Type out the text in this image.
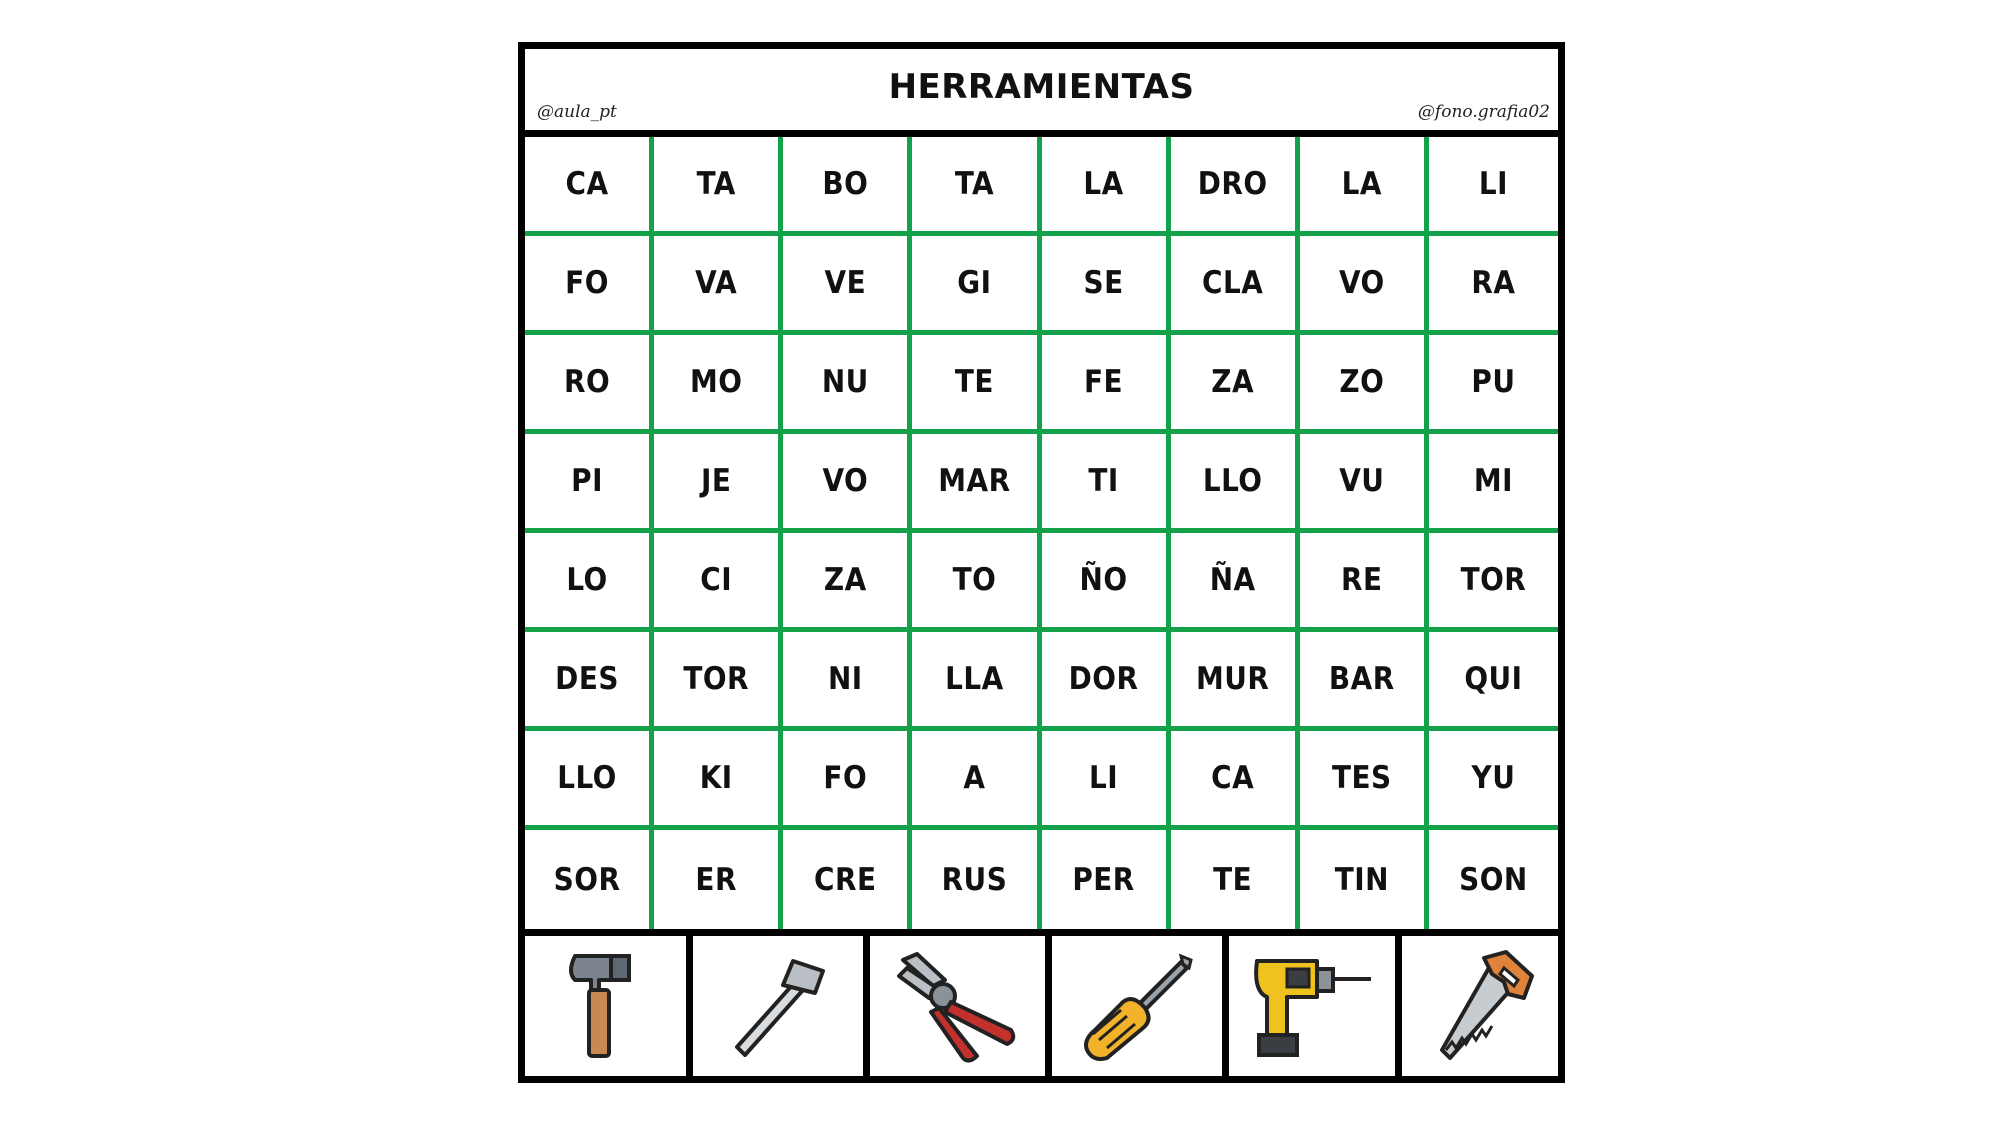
HERRAMIENTAS
@aula_pt	@fono.grafia02
CA	TA	BO	TA	LA	DRO	LA	LI
FO	VA	VE	GI	SE	CLA	VO	RA
RO	MO	NU	TE	FE	ZA	ZO	PU
PI	JE	VO	MAR	TI	LLO	VU	MI
LO	CI	ZA	TO	ÑO	ÑA	RE	TOR
DES	TOR	NI	LLA	DOR	MUR	BAR	QUI
LLO	KI	FO	A	LI	CA	TES	YU
SOR	ER	CRE	RUS	PER	TE	TIN	SON
